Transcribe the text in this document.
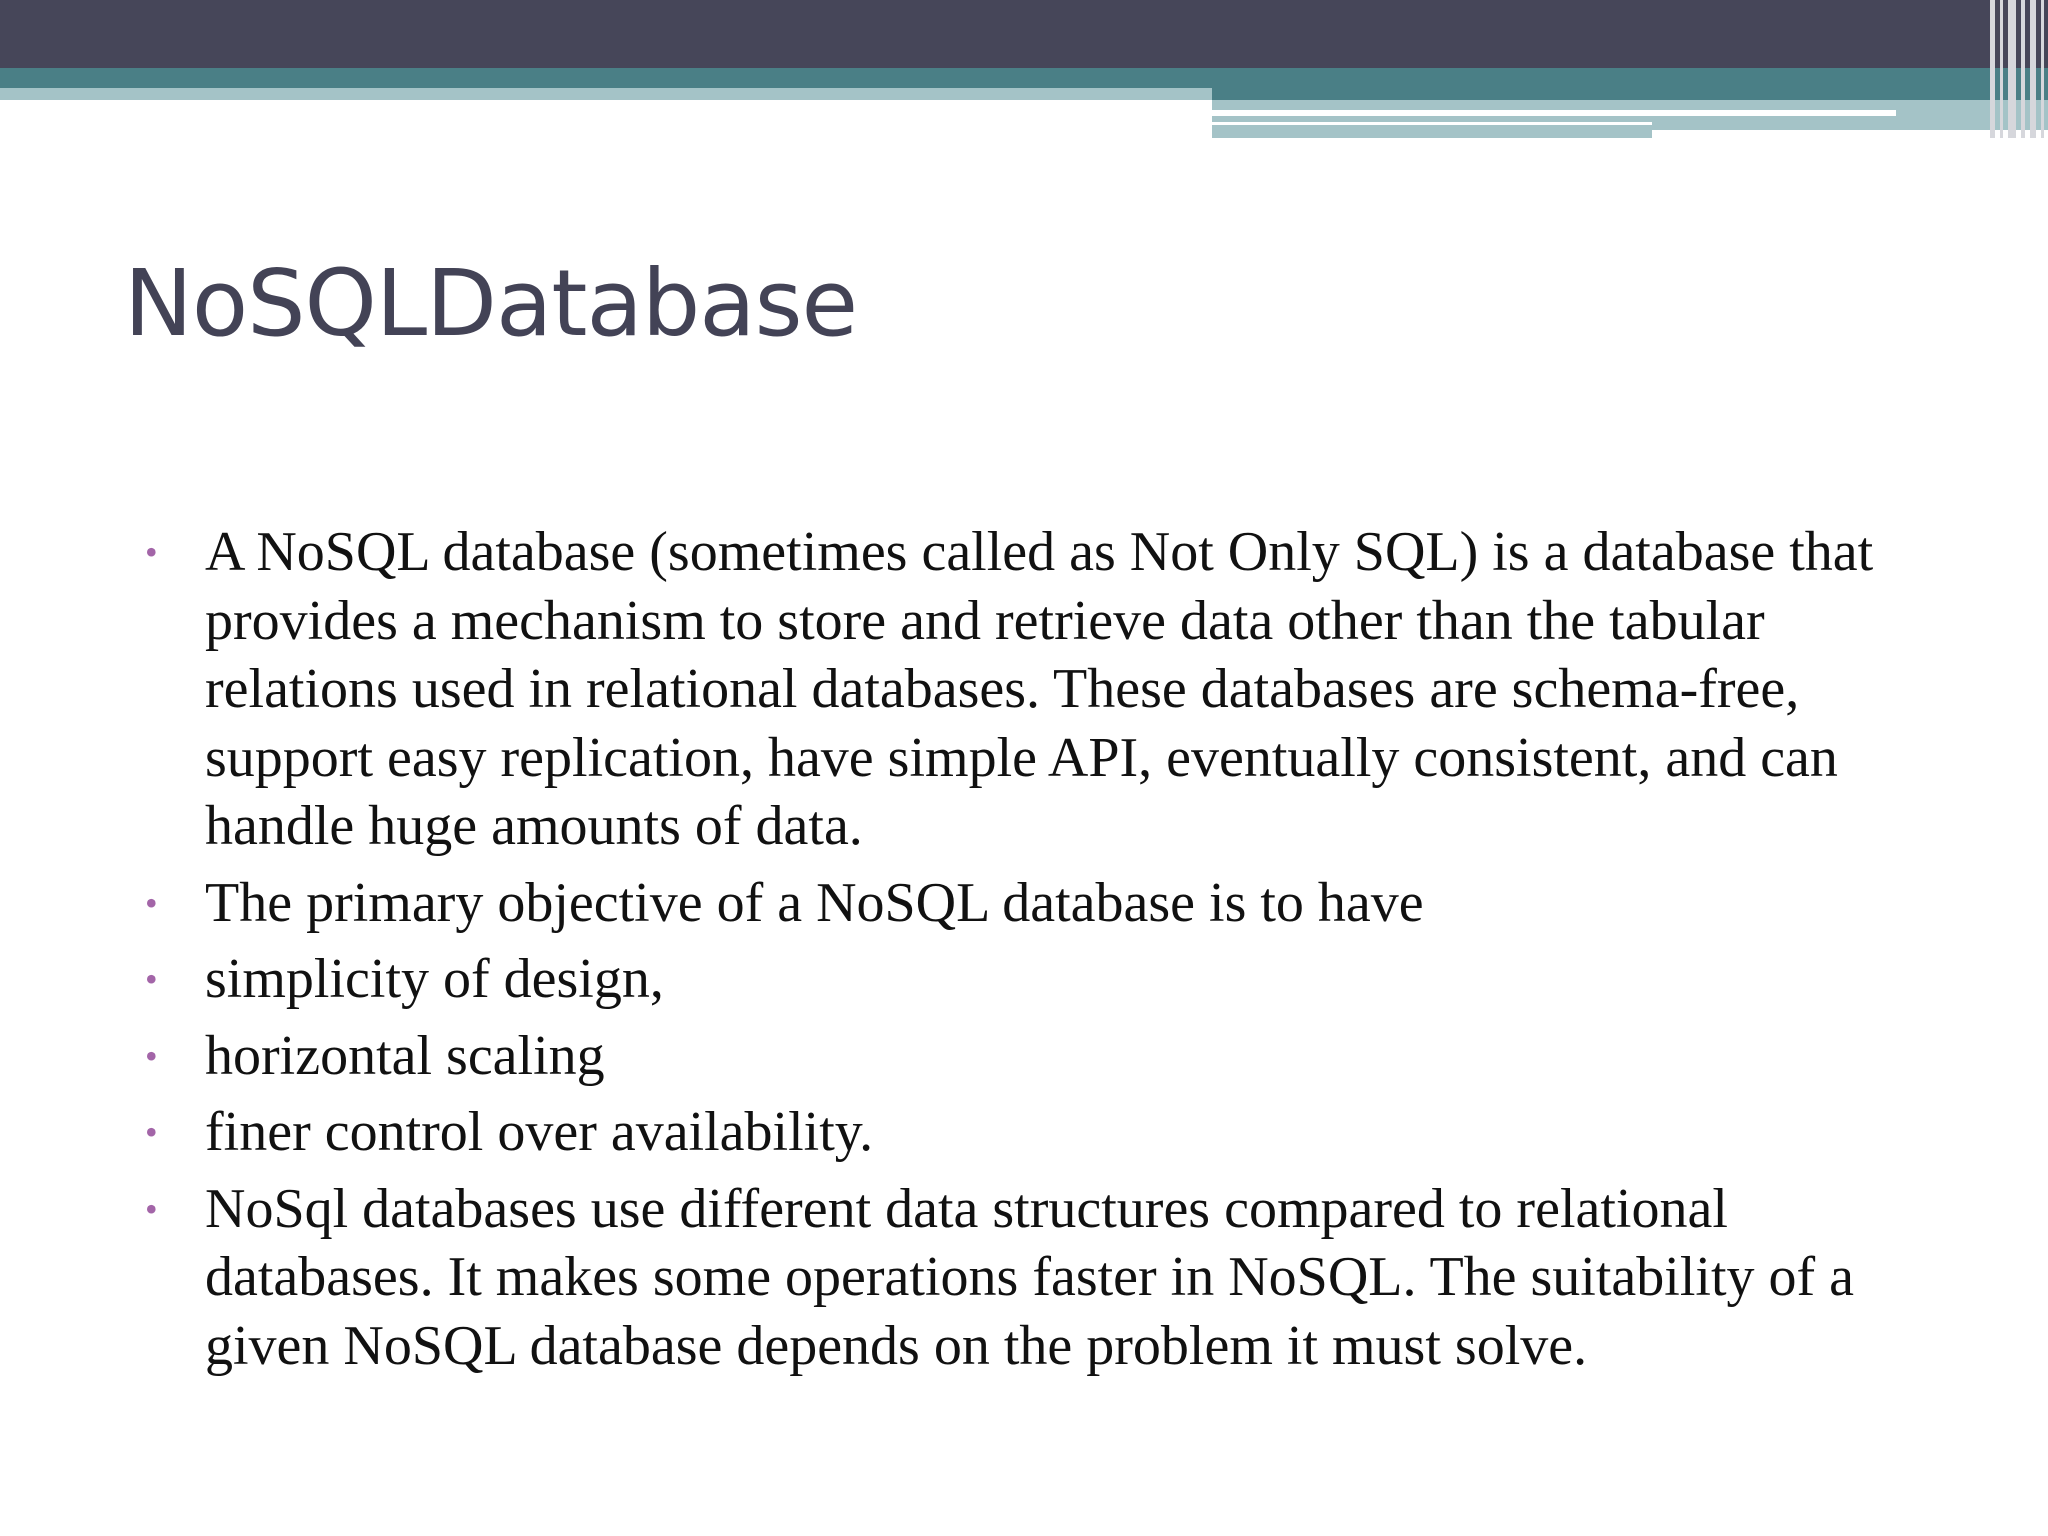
NoSQLDatabase
• A NoSQL database (sometimes called as Not Only SQL) is a database that provides a mechanism to store and retrieve data other than the tabular relations used in relational databases. These databases are schema-free, support easy replication, have simple API, eventually consistent, and can handle huge amounts of data.
• The primary objective of a NoSQL database is to have
• simplicity of design,
• horizontal scaling
• finer control over availability.
• NoSql databases use different data structures compared to relational databases. It makes some operations faster in NoSQL. The suitability of a given NoSQL database depends on the problem it must solve.
